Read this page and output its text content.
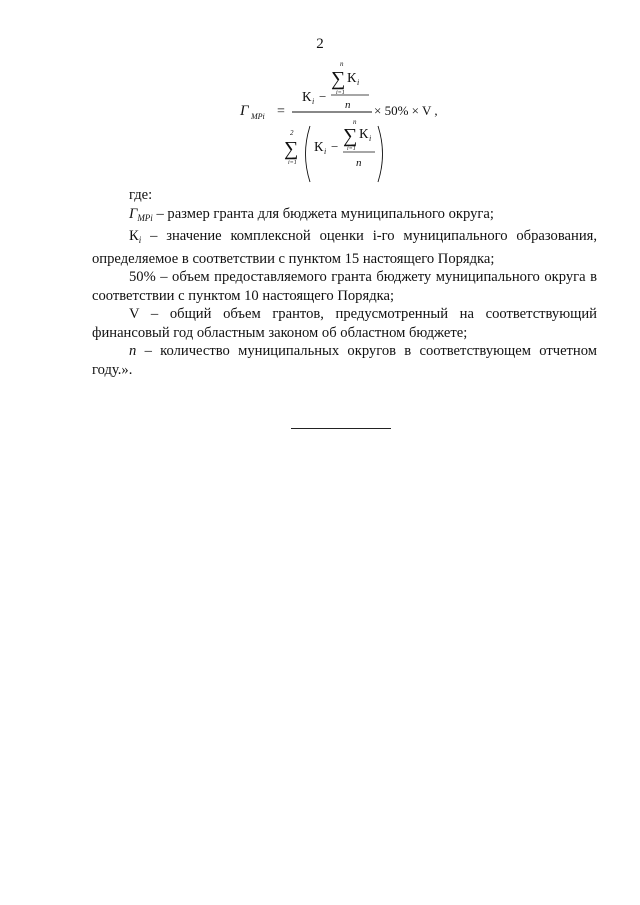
2
Г МРi =
К i −
n
∑
i=1
К i
n
2
∑
i=1
К i −
n
∑
i=1
К i
n
× 50% × V ,

где:

$Г_{МРi}$ – размер гранта для бюджета муниципального округа;

$К_i$ – значение комплексной оценки i-го муниципального образования, определяемое в соответствии с пунктом 15 настоящего Порядка;

50% – объем предоставляемого гранта бюджету муниципального округа в соответствии с пунктом 10 настоящего Порядка;

V – общий объем грантов, предусмотренный на соответствующий финансовый год областным законом об областном бюджете;

n – количество муниципальных округов в соответствующем отчетном году.».
